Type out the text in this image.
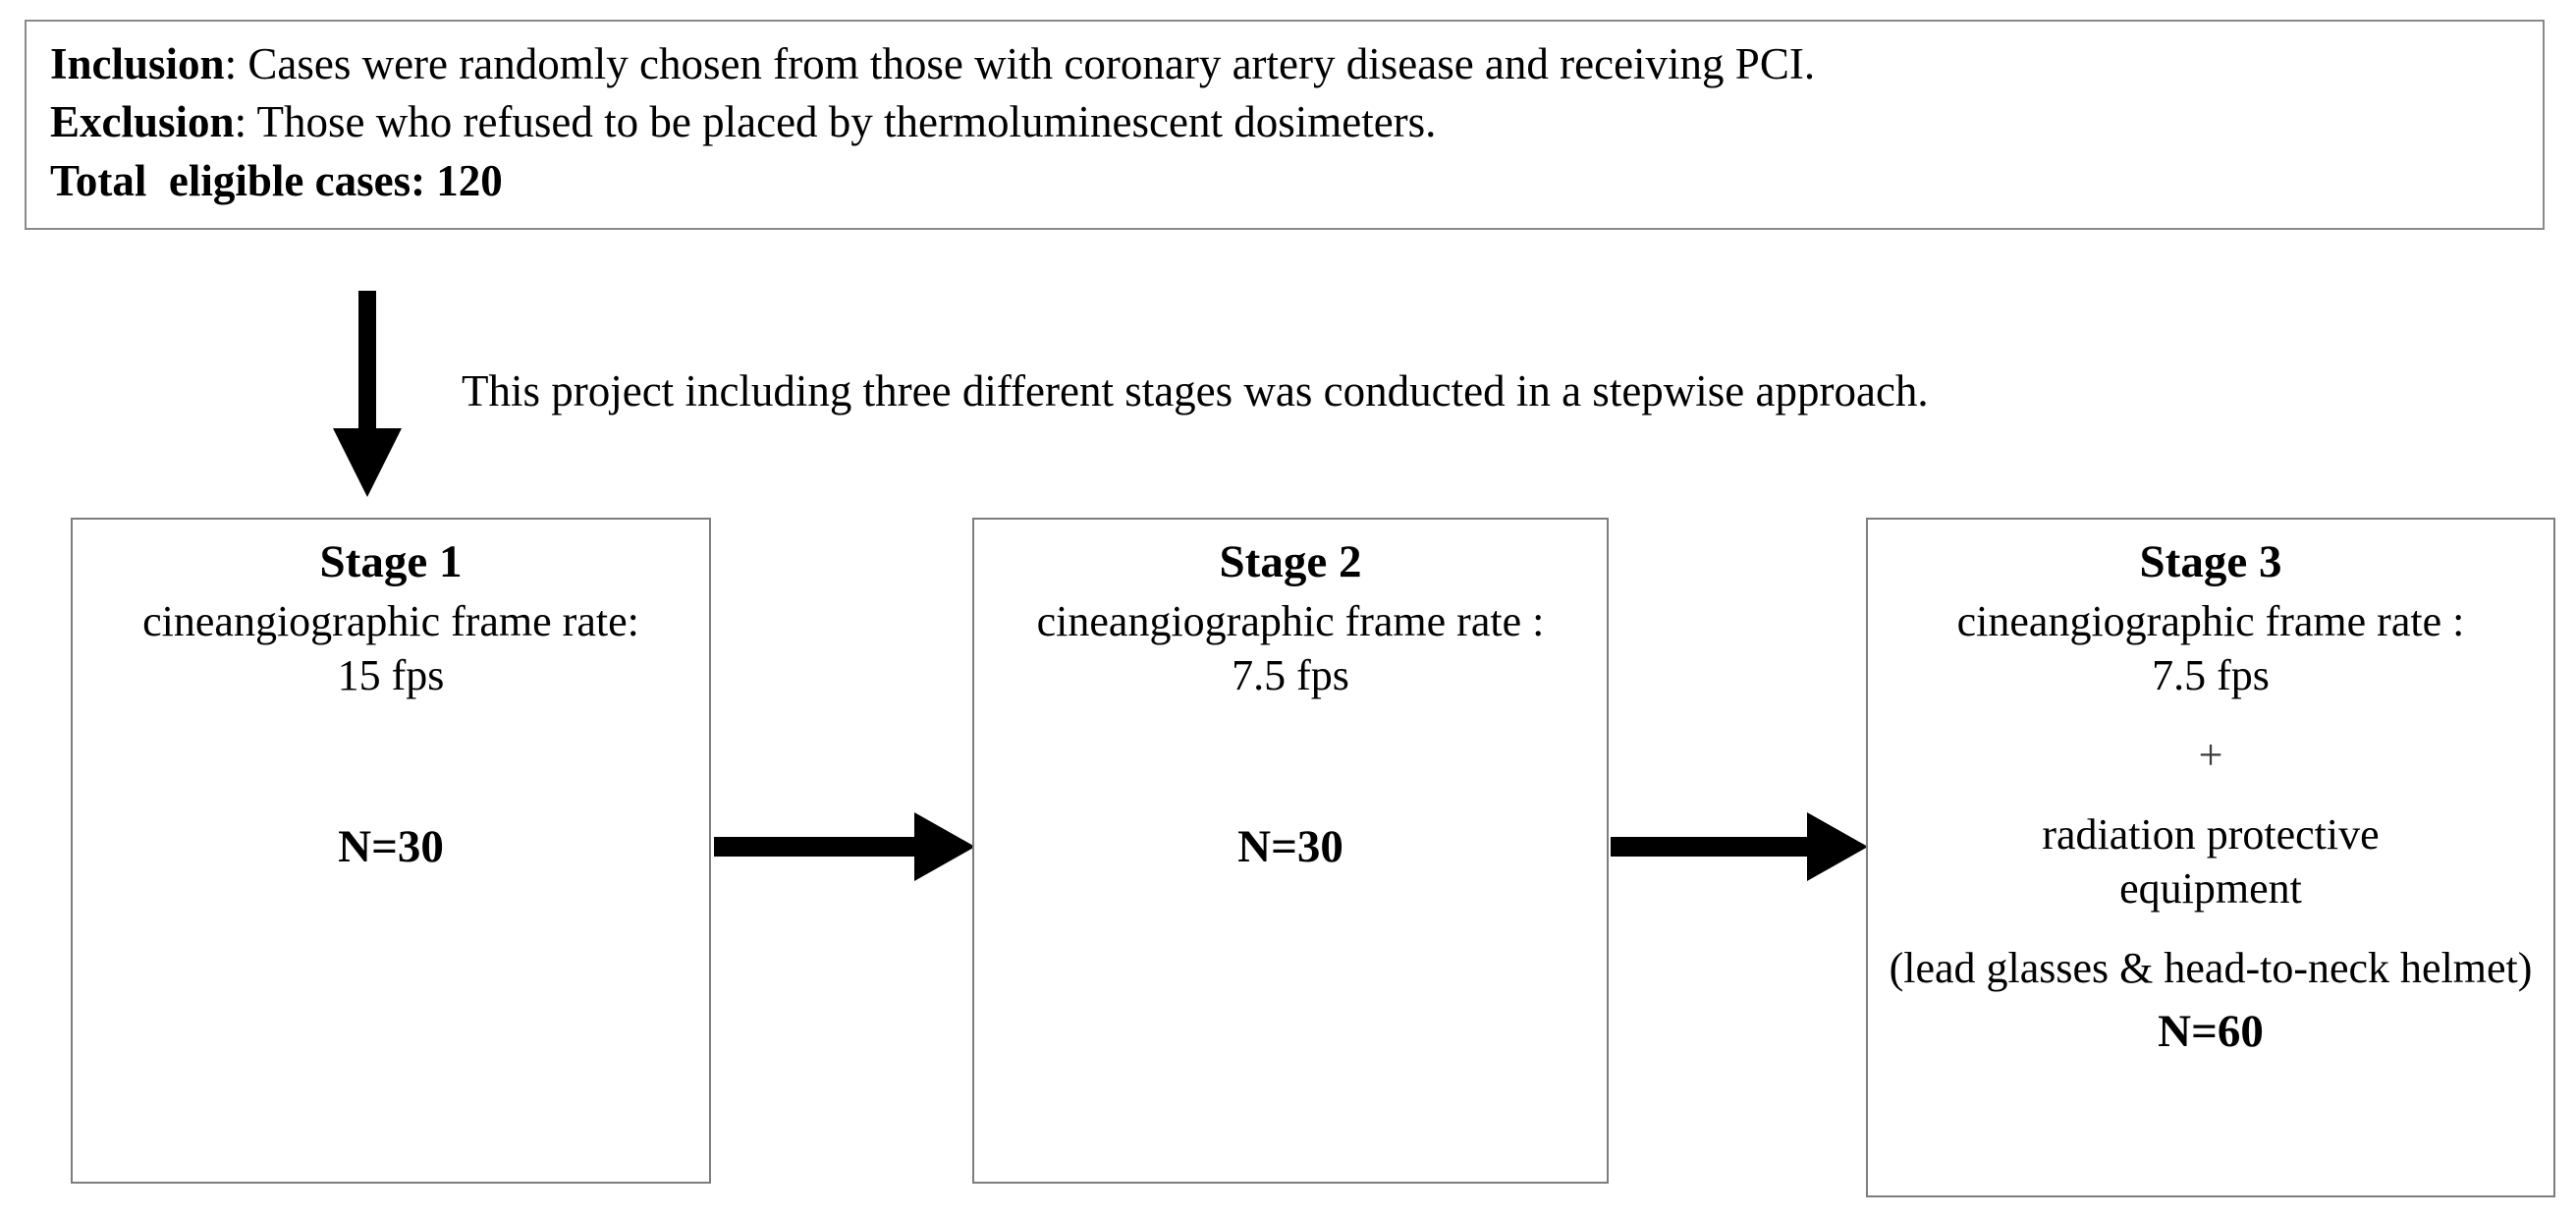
Inclusion: Cases were randomly chosen from those with coronary artery disease and receiving PCI.
Exclusion: Those who refused to be placed by thermoluminescent dosimeters.
Total  eligible cases: 120
This project including three different stages was conducted in a stepwise approach.
Stage 1
cineangiographic frame rate:
15 fps
N=30
Stage 2
cineangiographic frame rate :
7.5 fps
N=30
Stage 3
cineangiographic frame rate :
7.5 fps
+
radiation protective equipment
(lead glasses & head-to-neck helmet)
N=60
